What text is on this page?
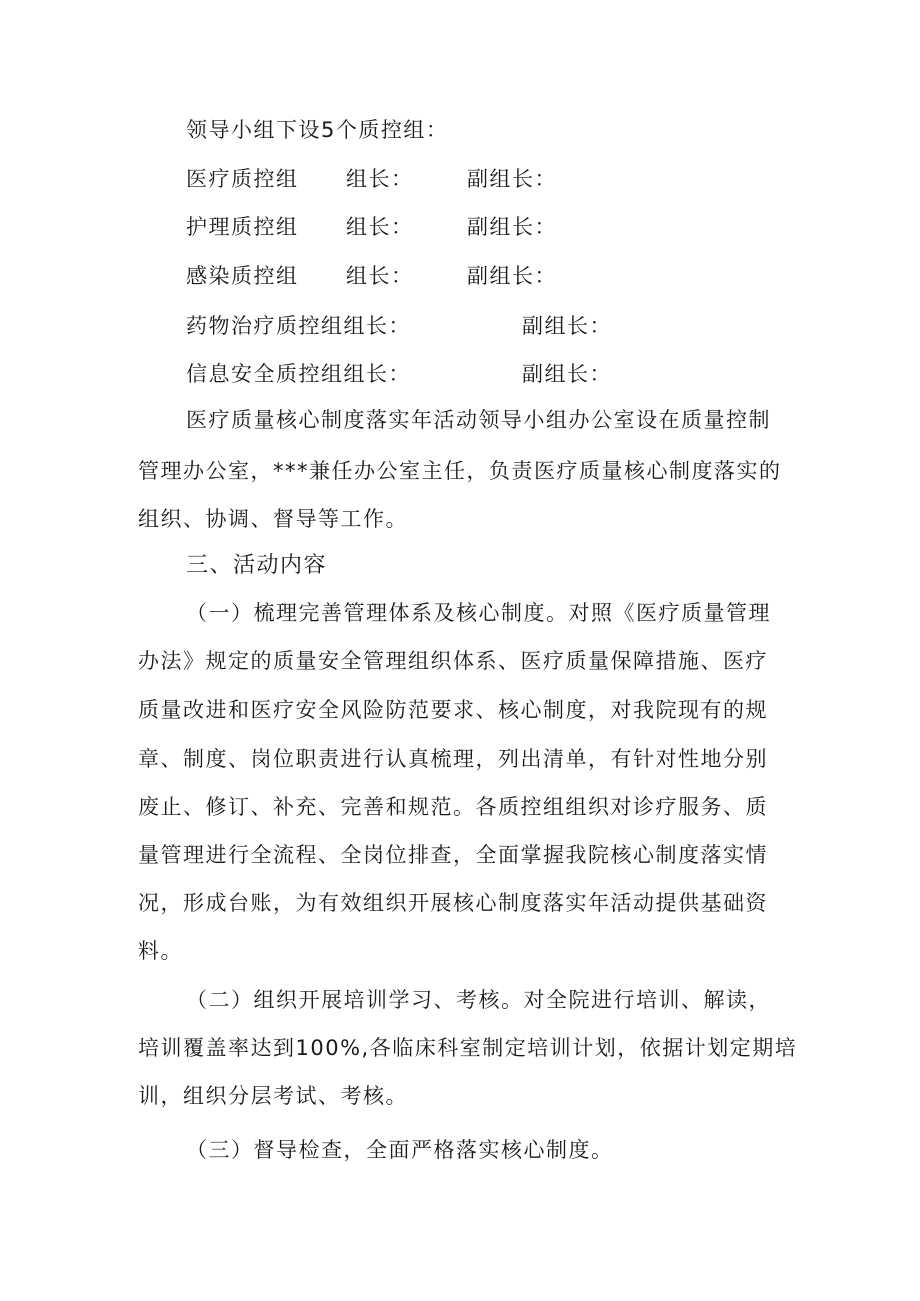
领导小组下设5个质控组：
医疗质控组 组长：	副组长：
护理质控组 组长：	副组长：
感染质控组 组长：	副组长：
药物治疗质控组组长：	副组长：
信息安全质控组组长：	副组长：
医疗质量核心制度落实年活动领导小组办公室设在质量控制
管理办公室，***兼任办公室主任，负责医疗质量核心制度落实的
组织、协调、督导等工作。
三、活动内容
（一）梳理完善管理体系及核心制度。对照《医疗质量管理
办法》规定的质量安全管理组织体系、医疗质量保障措施、医疗
质量改进和医疗安全风险防范要求、核心制度，对我院现有的规
章、制度、岗位职责进行认真梳理，列出清单，有针对性地分别
废止、修订、补充、完善和规范。各质控组组织对诊疗服务、质
量管理进行全流程、全岗位排查，全面掌握我院核心制度落实情
况，形成台账，为有效组织开展核心制度落实年活动提供基础资
料。
（二）组织开展培训学习、考核。对全院进行培训、解读，
培训覆盖率达到100%,各临床科室制定培训计划，依据计划定期培
训，组织分层考试、考核。
（三）督导检查，全面严格落实核心制度。
